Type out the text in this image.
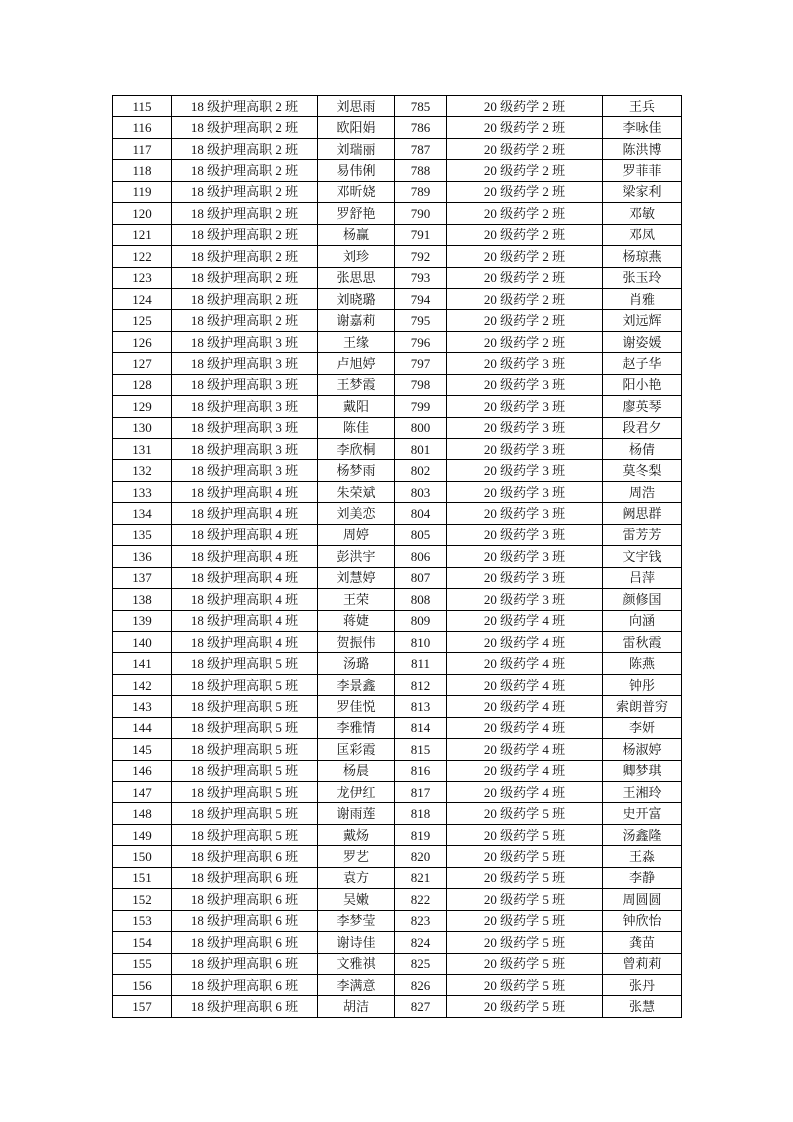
115	18 级护理高职 2 班	刘思雨	785	20 级药学 2 班	王兵
116	18 级护理高职 2 班	欧阳娟	786	20 级药学 2 班	李咏佳
117	18 级护理高职 2 班	刘瑞丽	787	20 级药学 2 班	陈洪博
118	18 级护理高职 2 班	易伟俐	788	20 级药学 2 班	罗菲菲
119	18 级护理高职 2 班	邓昕娆	789	20 级药学 2 班	梁家利
120	18 级护理高职 2 班	罗舒艳	790	20 级药学 2 班	邓敏
121	18 级护理高职 2 班	杨赢	791	20 级药学 2 班	邓凤
122	18 级护理高职 2 班	刘珍	792	20 级药学 2 班	杨琼燕
123	18 级护理高职 2 班	张思思	793	20 级药学 2 班	张玉玲
124	18 级护理高职 2 班	刘晓璐	794	20 级药学 2 班	肖雅
125	18 级护理高职 2 班	谢嘉莉	795	20 级药学 2 班	刘远辉
126	18 级护理高职 3 班	王缘	796	20 级药学 2 班	谢姿媛
127	18 级护理高职 3 班	卢旭婷	797	20 级药学 3 班	赵子华
128	18 级护理高职 3 班	王梦霞	798	20 级药学 3 班	阳小艳
129	18 级护理高职 3 班	戴阳	799	20 级药学 3 班	廖英琴
130	18 级护理高职 3 班	陈佳	800	20 级药学 3 班	段君夕
131	18 级护理高职 3 班	李欣桐	801	20 级药学 3 班	杨倩
132	18 级护理高职 3 班	杨梦雨	802	20 级药学 3 班	莫冬梨
133	18 级护理高职 4 班	朱荣斌	803	20 级药学 3 班	周浩
134	18 级护理高职 4 班	刘美恋	804	20 级药学 3 班	阙思群
135	18 级护理高职 4 班	周婷	805	20 级药学 3 班	雷芳芳
136	18 级护理高职 4 班	彭洪宇	806	20 级药学 3 班	文宇钱
137	18 级护理高职 4 班	刘慧婷	807	20 级药学 3 班	吕萍
138	18 级护理高职 4 班	王荣	808	20 级药学 3 班	颜修国
139	18 级护理高职 4 班	蒋婕	809	20 级药学 4 班	向涵
140	18 级护理高职 4 班	贺振伟	810	20 级药学 4 班	雷秋霞
141	18 级护理高职 5 班	汤璐	811	20 级药学 4 班	陈燕
142	18 级护理高职 5 班	李景鑫	812	20 级药学 4 班	钟彤
143	18 级护理高职 5 班	罗佳悦	813	20 级药学 4 班	索朗普穷
144	18 级护理高职 5 班	李雅情	814	20 级药学 4 班	李妍
145	18 级护理高职 5 班	匡彩霞	815	20 级药学 4 班	杨淑婷
146	18 级护理高职 5 班	杨晨	816	20 级药学 4 班	卿梦琪
147	18 级护理高职 5 班	龙伊红	817	20 级药学 4 班	王湘玲
148	18 级护理高职 5 班	谢雨莲	818	20 级药学 5 班	史开富
149	18 级护理高职 5 班	戴炀	819	20 级药学 5 班	汤鑫隆
150	18 级护理高职 6 班	罗艺	820	20 级药学 5 班	王淼
151	18 级护理高职 6 班	袁方	821	20 级药学 5 班	李静
152	18 级护理高职 6 班	吴嫩	822	20 级药学 5 班	周圆圆
153	18 级护理高职 6 班	李梦莹	823	20 级药学 5 班	钟欣怡
154	18 级护理高职 6 班	谢诗佳	824	20 级药学 5 班	龚苗
155	18 级护理高职 6 班	文雅祺	825	20 级药学 5 班	曾莉莉
156	18 级护理高职 6 班	李满意	826	20 级药学 5 班	张丹
157	18 级护理高职 6 班	胡洁	827	20 级药学 5 班	张慧
